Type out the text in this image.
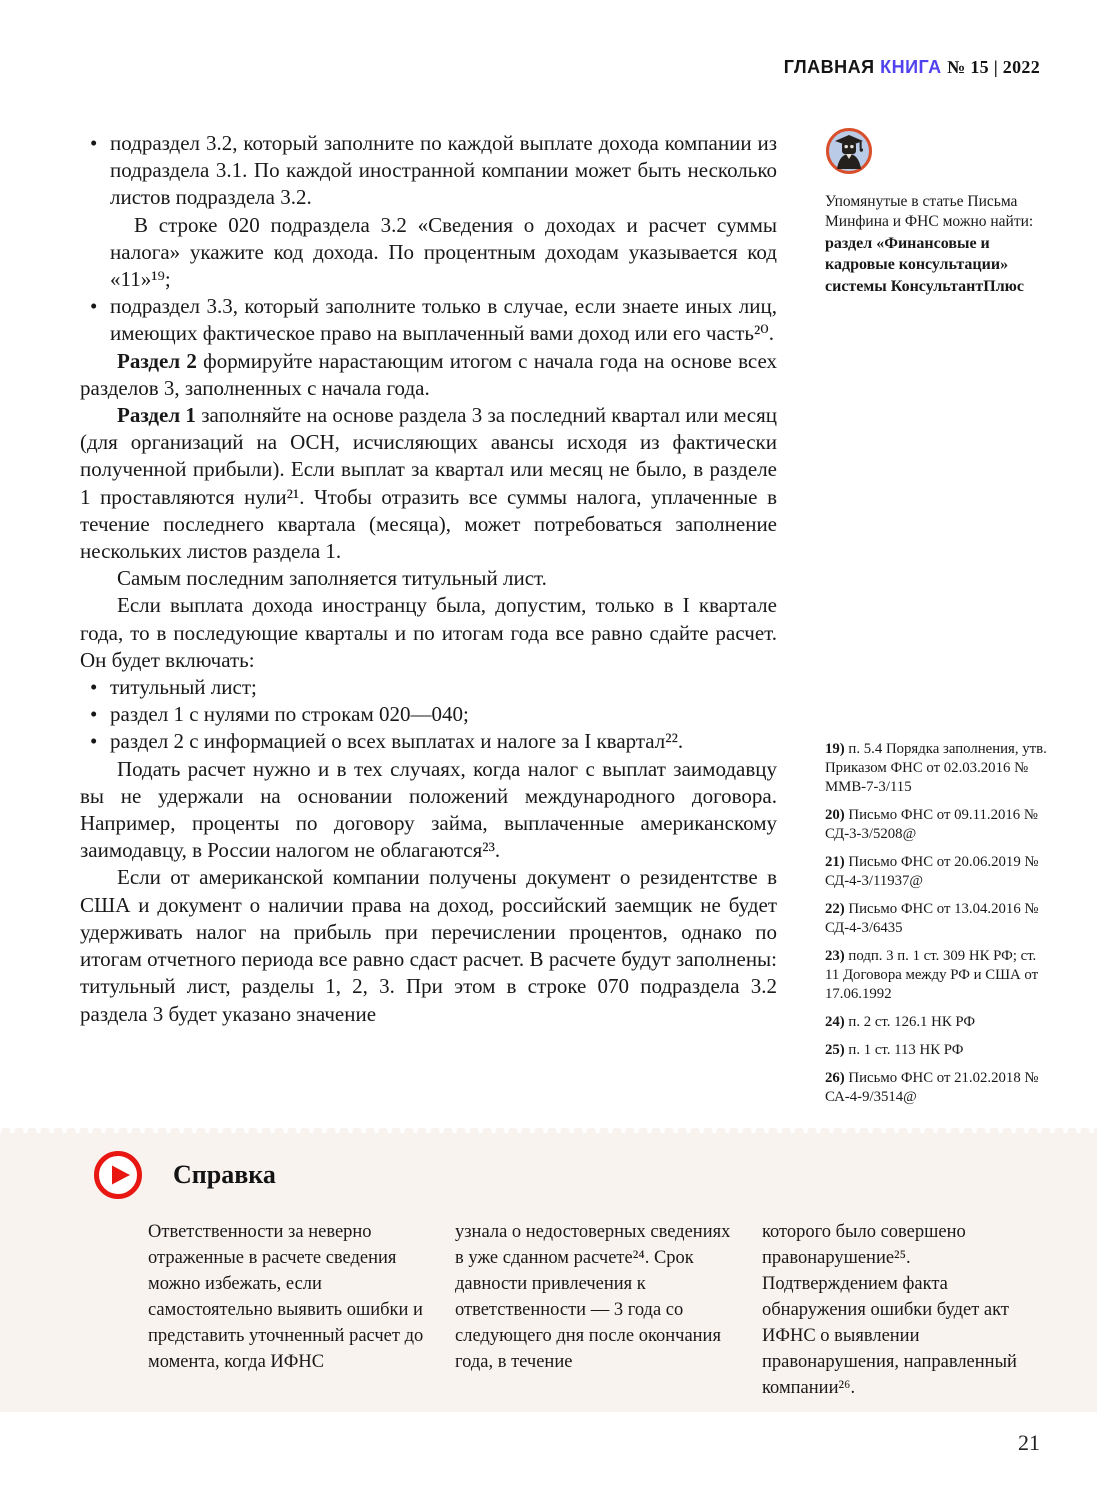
ГЛАВНАЯ КНИГА № 15 | 2022

• подраздел 3.2, который заполните по каждой выплате дохода компании из подраздела 3.1. По каждой иностранной компании может быть несколько листов подраздела 3.2.

В строке 020 подраздела 3.2 «Сведения о доходах и расчет суммы налога» укажите код дохода. По процентным доходам указывается код «11»¹⁹;

• подраздел 3.3, который заполните только в случае, если знаете иных лиц, имеющих фактическое право на выплаченный вами доход или его часть²⁰.

Раздел 2 формируйте нарастающим итогом с начала года на основе всех разделов 3, заполненных с начала года.

Раздел 1 заполняйте на основе раздела 3 за последний квартал или месяц (для организаций на ОСН, исчисляющих авансы исходя из фактически полученной прибыли). Если выплат за квартал или месяц не было, в разделе 1 проставляются нули²¹. Чтобы отразить все суммы налога, уплаченные в течение последнего квартала (месяца), может потребоваться заполнение нескольких листов раздела 1.

Самым последним заполняется титульный лист.

Если выплата дохода иностранцу была, допустим, только в I квартале года, то в последующие кварталы и по итогам года все равно сдайте расчет. Он будет включать:

• титульный лист;

• раздел 1 с нулями по строкам 020—040;

• раздел 2 с информацией о всех выплатах и налоге за I квартал²².

Подать расчет нужно и в тех случаях, когда налог с выплат заимодавцу вы не удержали на основании положений международного договора. Например, проценты по договору займа, выплаченные американскому заимодавцу, в России налогом не облагаются²³.

Если от американской компании получены документ о резидентстве в США и документ о наличии права на доход, российский заемщик не будет удерживать налог на прибыль при перечислении процентов, однако по итогам отчетного периода все равно сдаст расчет. В расчете будут заполнены: титульный лист, разделы 1, 2, 3. При этом в строке 070 подраздела 3.2 раздела 3 будет указано значение

Упомянутые в статье Письма Минфина и ФНС можно найти:
раздел «Финансовые и кадровые консультации» системы КонсультантПлюс

19) п. 5.4 Порядка заполнения, утв. Приказом ФНС от 02.03.2016 № ММВ-7-3/115

20) Письмо ФНС от 09.11.2016 № СД-3-3/5208@

21) Письмо ФНС от 20.06.2019 № СД-4-3/11937@

22) Письмо ФНС от 13.04.2016 № СД-4-3/6435

23) подп. 3 п. 1 ст. 309 НК РФ; ст. 11 Договора между РФ и США от 17.06.1992

24) п. 2 ст. 126.1 НК РФ

25) п. 1 ст. 113 НК РФ

26) Письмо ФНС от 21.02.2018 № СА-4-9/3514@

Справка

Ответственности за неверно отраженные в расчете сведения можно избежать, если самостоятельно выявить ошибки и представить уточненный расчет до момента, когда ИФНС

узнала о недостоверных сведениях в уже сданном расчете²⁴. Срок давности привлечения к ответственности — 3 года со следующего дня после окончания года, в течение

которого было совершено правонарушение²⁵. Подтверждением факта обнаружения ошибки будет акт ИФНС о выявлении правонарушения, направленный компании²⁶.

21
